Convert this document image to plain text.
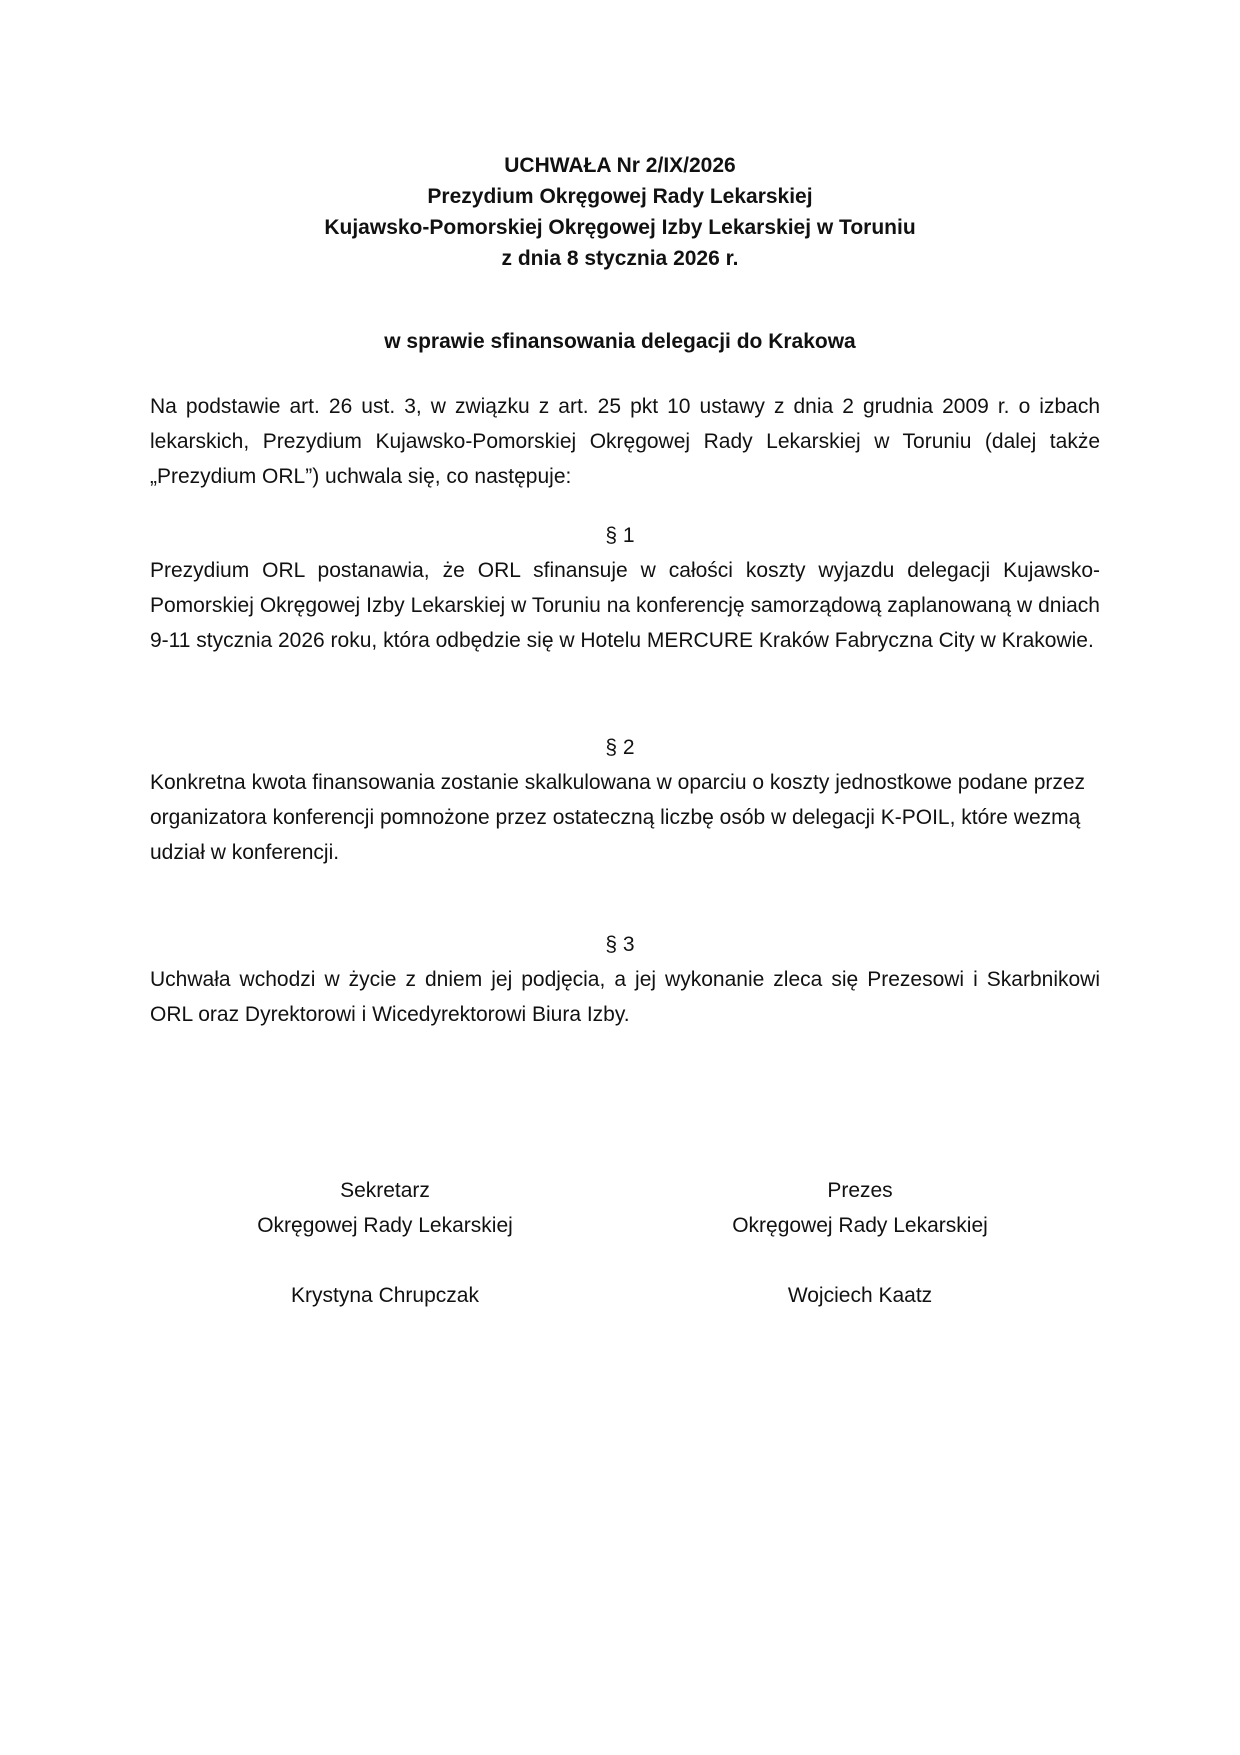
UCHWAŁA Nr 2/IX/2026
Prezydium Okręgowej Rady Lekarskiej
Kujawsko-Pomorskiej Okręgowej Izby Lekarskiej w Toruniu
z dnia 8 stycznia 2026 r.
w sprawie sfinansowania delegacji do Krakowa
Na podstawie art. 26 ust. 3, w związku z art. 25 pkt 10 ustawy z dnia 2 grudnia 2009 r. o izbach lekarskich, Prezydium Kujawsko-Pomorskiej Okręgowej Rady Lekarskiej w Toruniu (dalej także „Prezydium ORL”) uchwala się, co następuje:
§ 1
Prezydium ORL postanawia, że ORL sfinansuje w całości koszty wyjazdu delegacji Kujawsko-Pomorskiej Okręgowej Izby Lekarskiej w Toruniu na konferencję samorządową zaplanowaną w dniach 9-11 stycznia 2026 roku, która odbędzie się w Hotelu MERCURE Kraków Fabryczna City w Krakowie.
§ 2
Konkretna kwota finansowania zostanie skalkulowana w oparciu o koszty jednostkowe podane przez organizatora konferencji pomnożone przez ostateczną liczbę osób w delegacji K-POIL, które wezmą udział w konferencji.
§ 3
Uchwała wchodzi w życie z dniem jej podjęcia, a jej wykonanie zleca się Prezesowi i Skarbnikowi ORL oraz Dyrektorowi i Wicedyrektorowi Biura Izby.
Sekretarz
Okręgowej Rady Lekarskiej
Krystyna Chrupczak
Prezes
Okręgowej Rady Lekarskiej
Wojciech Kaatz
